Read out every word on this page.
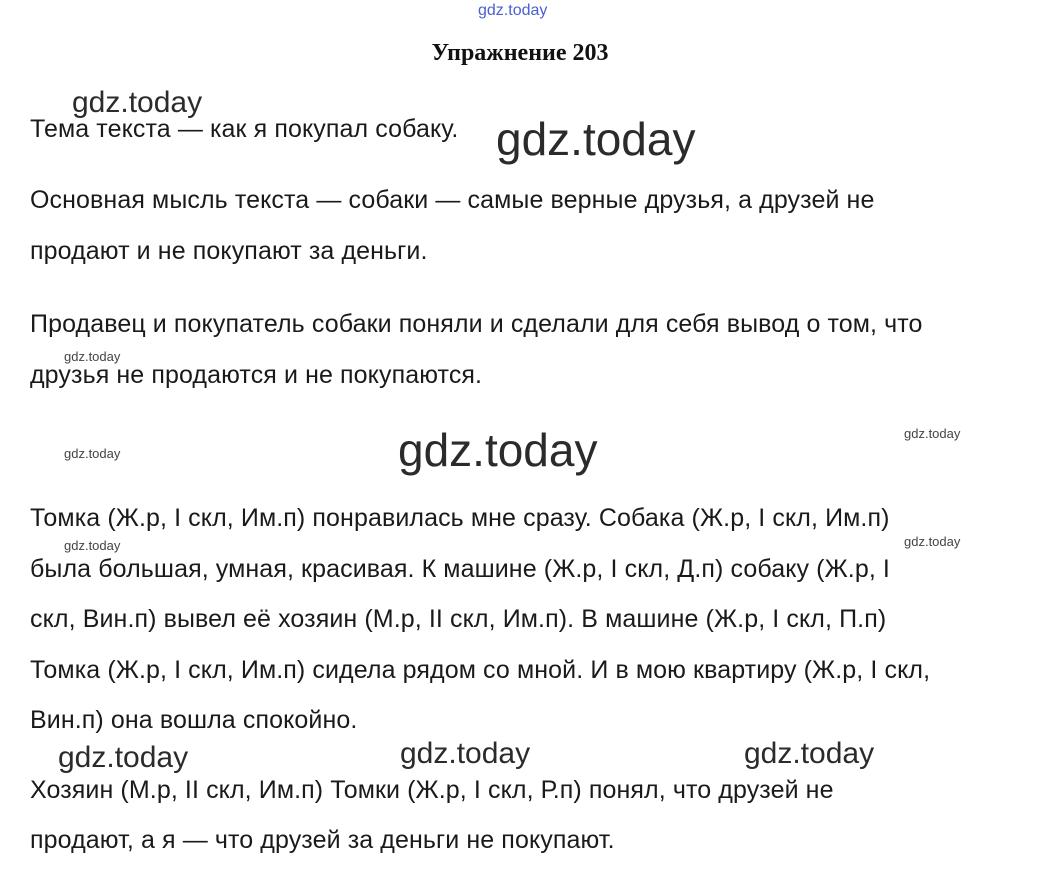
gdz.today
Упражнение 203
Тема текста — как я покупал собаку.
Основная мысль текста — собаки — самые верные друзья, а друзей не
продают и не покупают за деньги.
Продавец и покупатель собаки поняли и сделали для себя вывод о том, что
друзья не продаются и не покупаются.
Томка (Ж.р, I скл, Им.п) понравилась мне сразу. Собака (Ж.р, I скл, Им.п)
была большая, умная, красивая. К машине (Ж.р, I скл, Д.п) собаку (Ж.р, I
скл, Вин.п) вывел её хозяин (М.р, II скл, Им.п). В машине (Ж.р, I скл, П.п)
Томка (Ж.р, I скл, Им.п) сидела рядом со мной. И в мою квартиру (Ж.р, I скл,
Вин.п) она вошла спокойно.
Хозяин (М.р, II скл, Им.п) Томки (Ж.р, I скл, Р.п) понял, что друзей не
продают, а я — что друзей за деньги не покупают.
gdz.today
gdz.today
gdz.today
gdz.today	gdz.today	gdz.today
gdz.today	gdz.today
gdz.today	gdz.today	gdz.today
